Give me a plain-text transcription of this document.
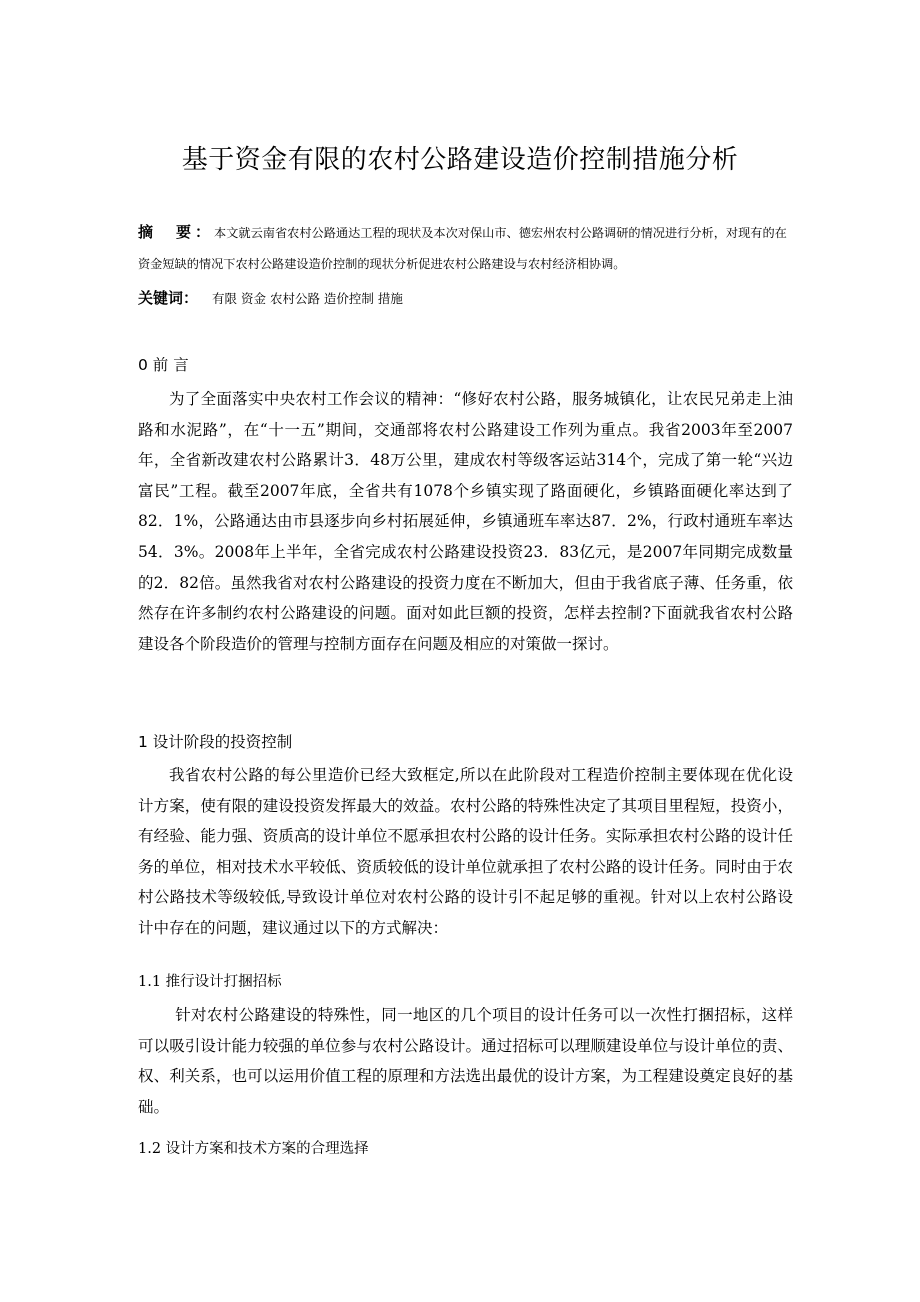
基于资金有限的农村公路建设造价控制措施分析
摘　要：本文就云南省农村公路通达工程的现状及本次对保山市、德宏州农村公路调研的情况进行分析，对现有的在资金短缺的情况下农村公路建设造价控制的现状分析促进农村公路建设与农村经济相协调。
关键词： 有限 资金 农村公路 造价控制 措施
0 前 言

为了全面落实中央农村工作会议的精神：“修好农村公路，服务城镇化，让农民兄弟走上油路和水泥路”，在“十一五”期间，交通部将农村公路建设工作列为重点。我省2003年至2007年，全省新改建农村公路累计3．48万公里，建成农村等级客运站314个，完成了第一轮“兴边富民”工程。截至2007年底，全省共有1078个乡镇实现了路面硬化，乡镇路面硬化率达到了82．1%，公路通达由市县逐步向乡村拓展延伸，乡镇通班车率达87．2%，行政村通班车率达54．3%。2008年上半年，全省完成农村公路建设投资23．83亿元，是2007年同期完成数量的2．82倍。虽然我省对农村公路建设的投资力度在不断加大，但由于我省底子薄、任务重，依然存在许多制约农村公路建设的问题。面对如此巨额的投资，怎样去控制?下面就我省农村公路建设各个阶段造价的管理与控制方面存在问题及相应的对策做一探讨。

1 设计阶段的投资控制

我省农村公路的每公里造价已经大致框定,所以在此阶段对工程造价控制主要体现在优化设计方案，使有限的建设投资发挥最大的效益。农村公路的特殊性决定了其项目里程短，投资小，有经验、能力强、资质高的设计单位不愿承担农村公路的设计任务。实际承担农村公路的设计任务的单位，相对技术水平较低、资质较低的设计单位就承担了农村公路的设计任务。同时由于农村公路技术等级较低,导致设计单位对农村公路的设计引不起足够的重视。针对以上农村公路设计中存在的问题，建议通过以下的方式解决：

1.1 推行设计打捆招标

针对农村公路建设的特殊性，同一地区的几个项目的设计任务可以一次性打捆招标，这样可以吸引设计能力较强的单位参与农村公路设计。通过招标可以理顺建设单位与设计单位的责、权、利关系，也可以运用价值工程的原理和方法选出最优的设计方案，为工程建设奠定良好的基础。

1.2 设计方案和技术方案的合理选择
